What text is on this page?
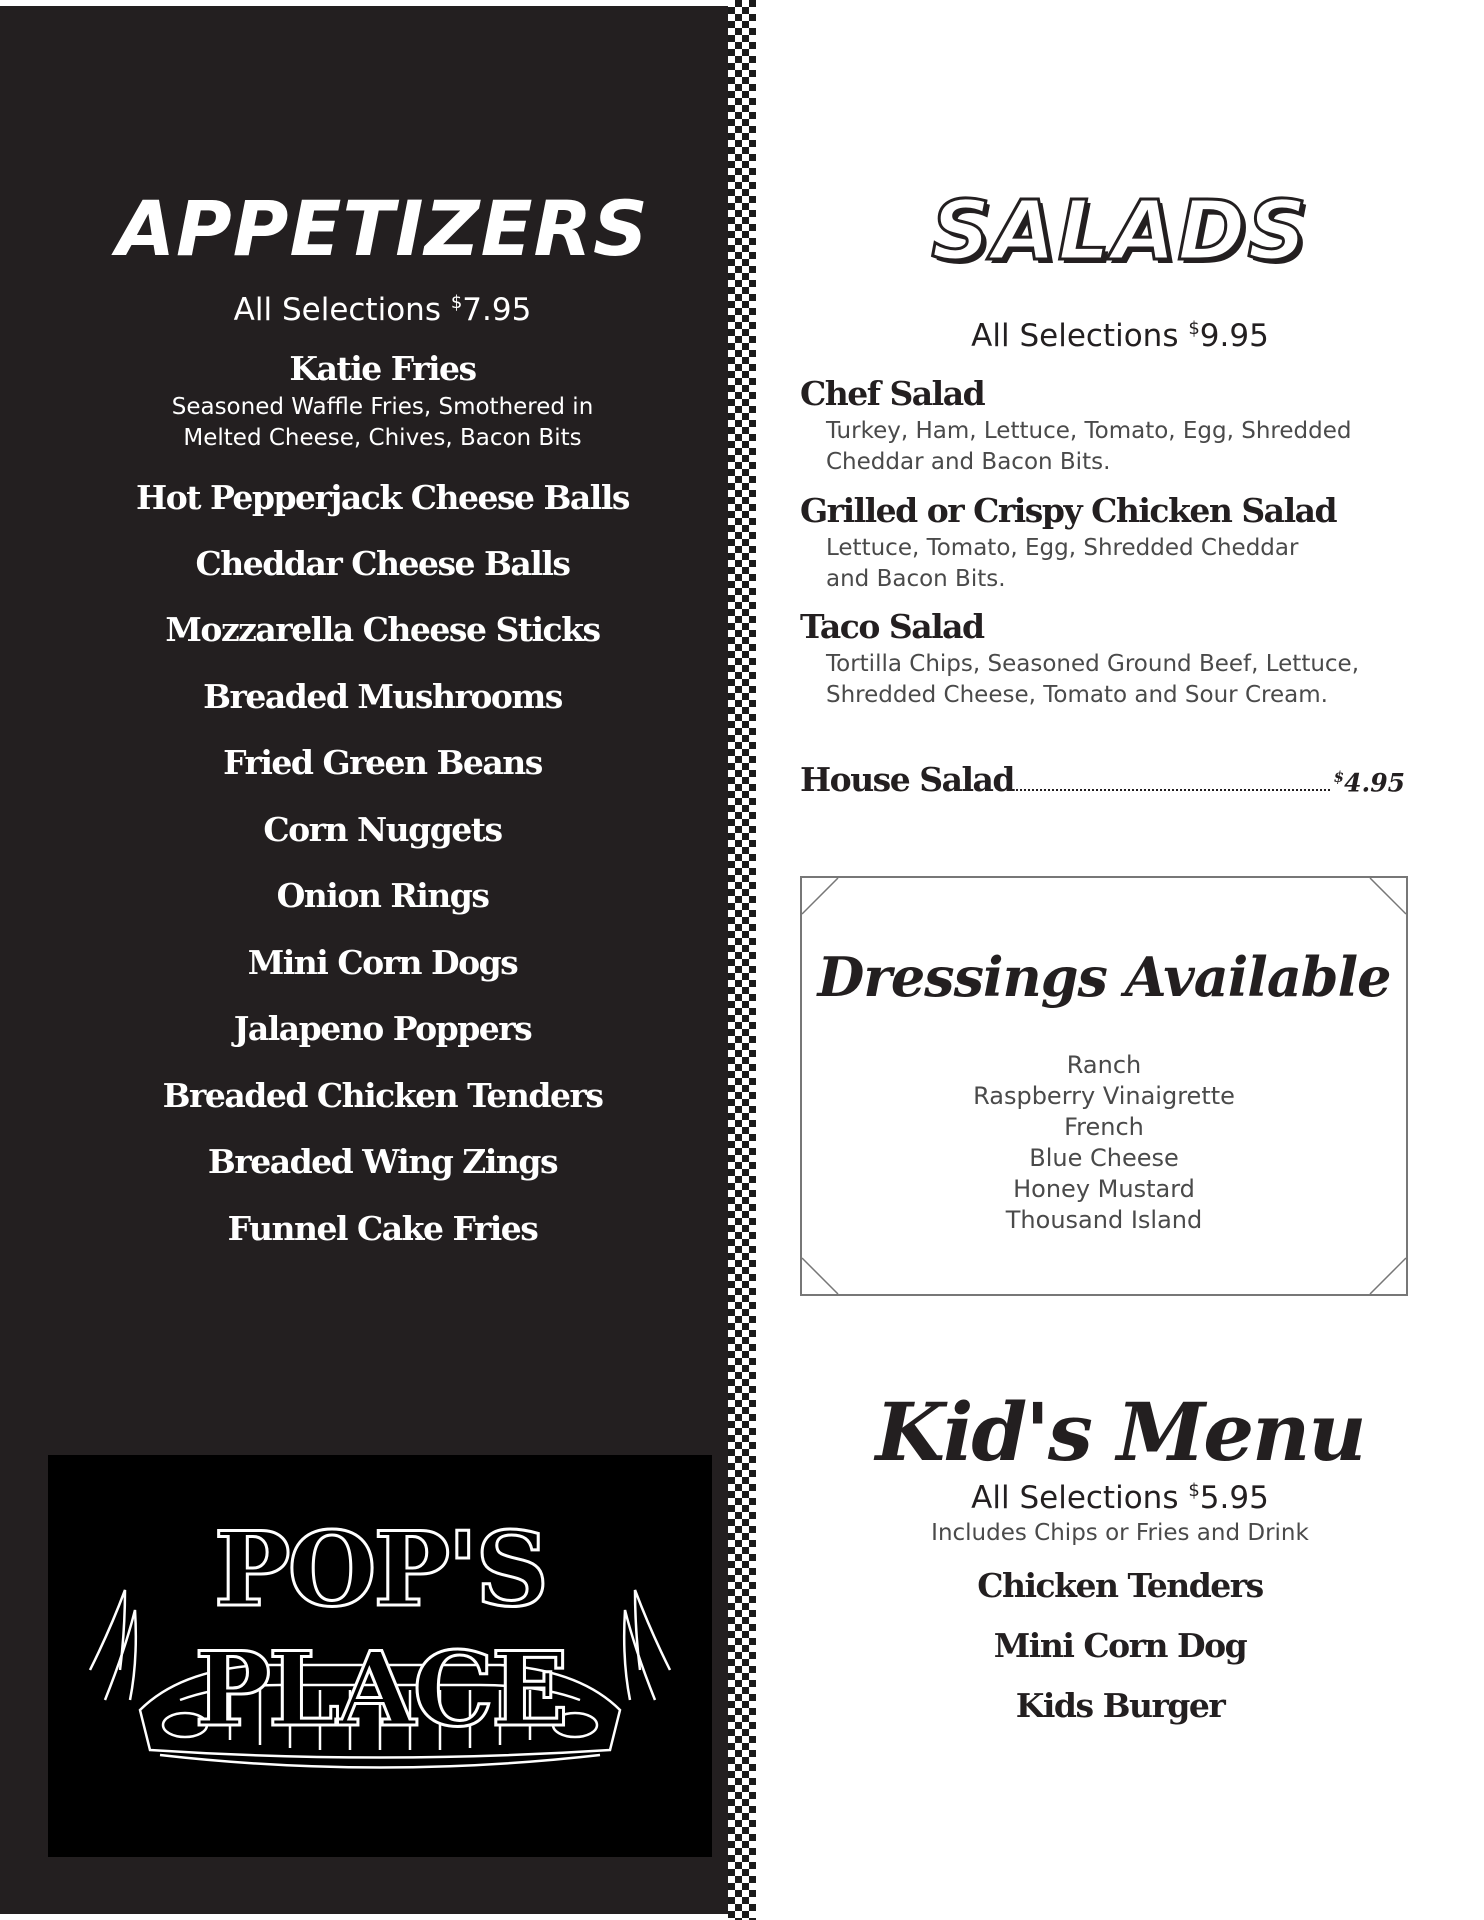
APPETIZERS
All Selections $7.95
Katie Fries
Seasoned Waffle Fries, Smothered in
Melted Cheese, Chives, Bacon Bits
Hot Pepperjack Cheese Balls
Cheddar Cheese Balls
Mozzarella Cheese Sticks
Breaded Mushrooms
Fried Green Beans
Corn Nuggets
Onion Rings
Mini Corn Dogs
Jalapeno Poppers
Breaded Chicken Tenders
Breaded Wing Zings
Funnel Cake Fries
POP'S PLACE
SALADS
All Selections $9.95
Chef Salad
Turkey, Ham, Lettuce, Tomato, Egg, Shredded
Cheddar and Bacon Bits.
Grilled or Crispy Chicken Salad
Lettuce, Tomato, Egg, Shredded Cheddar
and Bacon Bits.
Taco Salad
Tortilla Chips, Seasoned Ground Beef, Lettuce,
Shredded Cheese, Tomato and Sour Cream.
House Salad	$4.95
Dressings Available
Ranch
Raspberry Vinaigrette
French
Blue Cheese
Honey Mustard
Thousand Island
Kid's Menu
All Selections $5.95
Includes Chips or Fries and Drink
Chicken Tenders
Mini Corn Dog
Kids Burger
